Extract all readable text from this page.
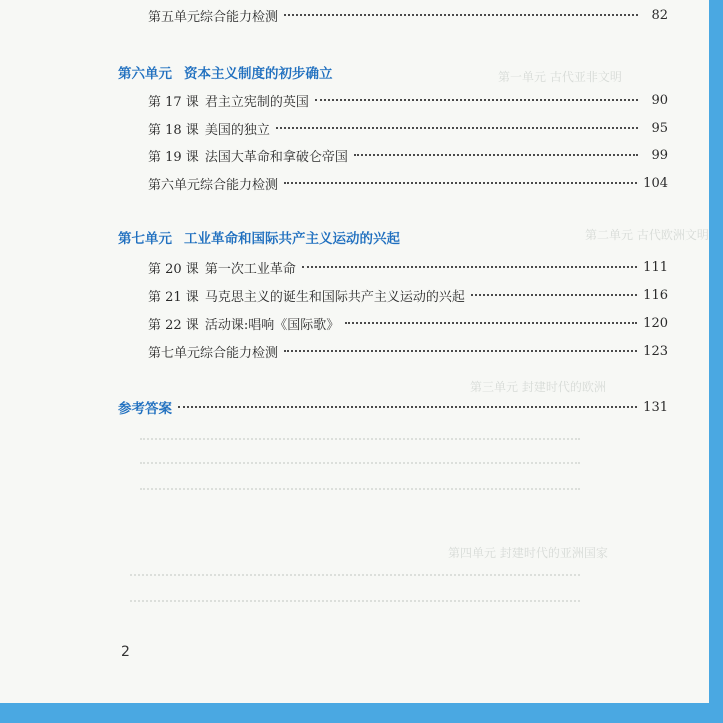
第一单元 古代亚非文明
第二单元 古代欧洲文明
第三单元 封建时代的欧洲
第四单元 封建时代的亚洲国家
第五单元综合能力检测	82
第六单元 资本主义制度的初步确立
第 17 课 君主立宪制的英国	90
第 18 课 美国的独立	95
第 19 课 法国大革命和拿破仑帝国	99
第六单元综合能力检测	104
第七单元 工业革命和国际共产主义运动的兴起
第 20 课 第一次工业革命	111
第 21 课 马克思主义的诞生和国际共产主义运动的兴起	116
第 22 课 活动课:唱响《国际歌》	120
第七单元综合能力检测	123
参考答案	131
2
